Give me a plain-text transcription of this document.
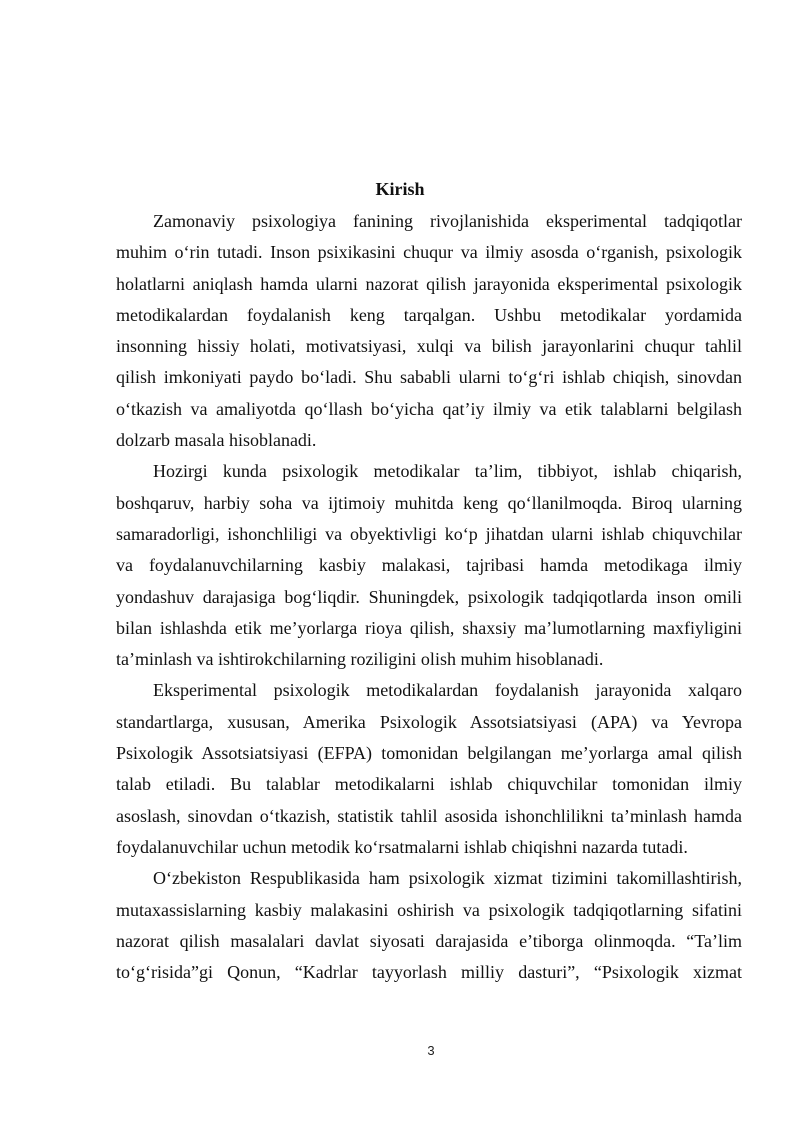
Kirish

Zamonaviy psixologiya fanining rivojlanishida eksperimental tadqiqotlar
muhim o‘rin tutadi. Inson psixikasini chuqur va ilmiy asosda o‘rganish, psixologik
holatlarni aniqlash hamda ularni nazorat qilish jarayonida eksperimental psixologik
metodikalardan foydalanish keng tarqalgan. Ushbu metodikalar yordamida
insonning hissiy holati, motivatsiyasi, xulqi va bilish jarayonlarini chuqur tahlil
qilish imkoniyati paydo bo‘ladi. Shu sababli ularni to‘g‘ri ishlab chiqish, sinovdan
o‘tkazish va amaliyotda qo‘llash bo‘yicha qat’iy ilmiy va etik talablarni belgilash
dolzarb masala hisoblanadi.

Hozirgi kunda psixologik metodikalar ta’lim, tibbiyot, ishlab chiqarish,
boshqaruv, harbiy soha va ijtimoiy muhitda keng qo‘llanilmoqda. Biroq ularning
samaradorligi, ishonchliligi va obyektivligi ko‘p jihatdan ularni ishlab chiquvchilar
va foydalanuvchilarning kasbiy malakasi, tajribasi hamda metodikaga ilmiy
yondashuv darajasiga bog‘liqdir. Shuningdek, psixologik tadqiqotlarda inson omili
bilan ishlashda etik me’yorlarga rioya qilish, shaxsiy ma’lumotlarning maxfiyligini
ta’minlash va ishtirokchilarning roziligini olish muhim hisoblanadi.

Eksperimental psixologik metodikalardan foydalanish jarayonida xalqaro
standartlarga, xususan, Amerika Psixologik Assotsiatsiyasi (APA) va Yevropa
Psixologik Assotsiatsiyasi (EFPA) tomonidan belgilangan me’yorlarga amal qilish
talab etiladi. Bu talablar metodikalarni ishlab chiquvchilar tomonidan ilmiy
asoslash, sinovdan o‘tkazish, statistik tahlil asosida ishonchlilikni ta’minlash hamda
foydalanuvchilar uchun metodik ko‘rsatmalarni ishlab chiqishni nazarda tutadi.

O‘zbekiston Respublikasida ham psixologik xizmat tizimini takomillashtirish,
mutaxassislarning kasbiy malakasini oshirish va psixologik tadqiqotlarning sifatini
nazorat qilish masalalari davlat siyosati darajasida e’tiborga olinmoqda. “Ta’lim
to‘g‘risida”gi Qonun, “Kadrlar tayyorlash milliy dasturi”, “Psixologik xizmat

3
